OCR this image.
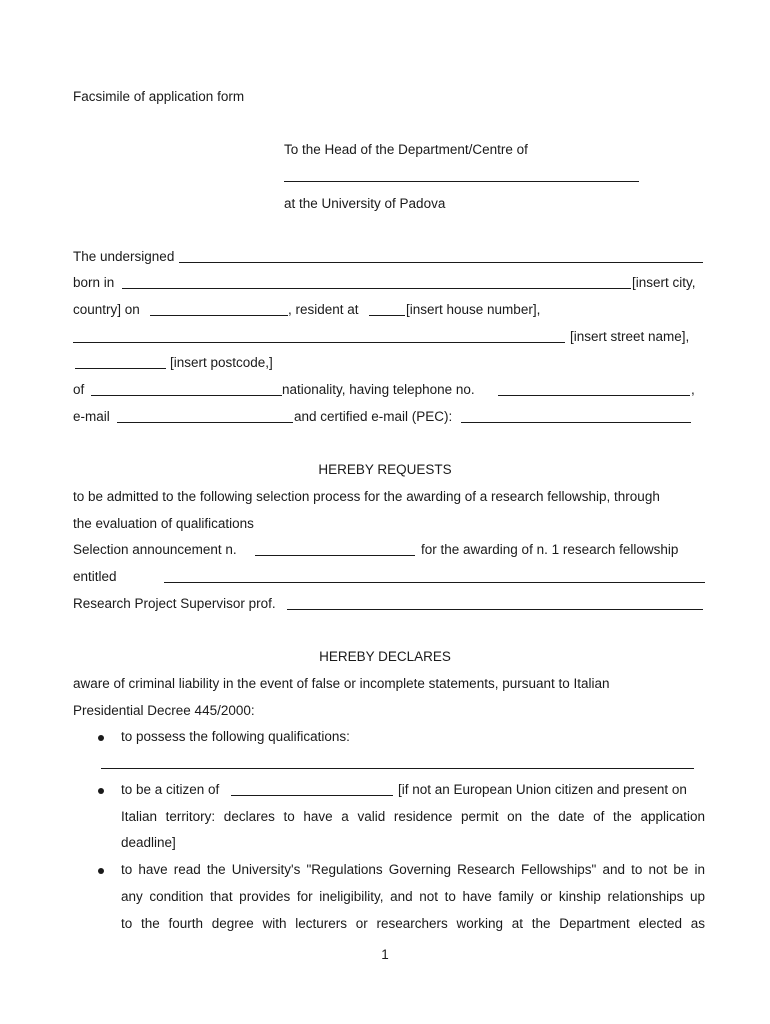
Facsimile of application form
To the Head of the Department/Centre of
at the University of Padova
The undersigned
born in	[insert city,
country] on	, resident at	[insert house number],
[insert street name],
[insert postcode,]
of	nationality, having telephone no.	,
e-mail	and certified e-mail (PEC):
HEREBY REQUESTS
to be admitted to the following selection process for the awarding of a research fellowship, through
the evaluation of qualifications
Selection announcement n.	for the awarding of n. 1 research fellowship
entitled
Research Project Supervisor prof.
HEREBY DECLARES
aware of criminal liability in the event of false or incomplete statements, pursuant to Italian
Presidential Decree 445/2000:
to possess the following qualifications:
to be a citizen of	[if not an European Union citizen and present on
Italian territory: declares to have a valid residence permit on the date of the application
deadline]
to have read the University's "Regulations Governing Research Fellowships" and to not be in
any condition that provides for ineligibility, and not to have family or kinship relationships up
to the fourth degree with lecturers or researchers working at the Department elected as
1
